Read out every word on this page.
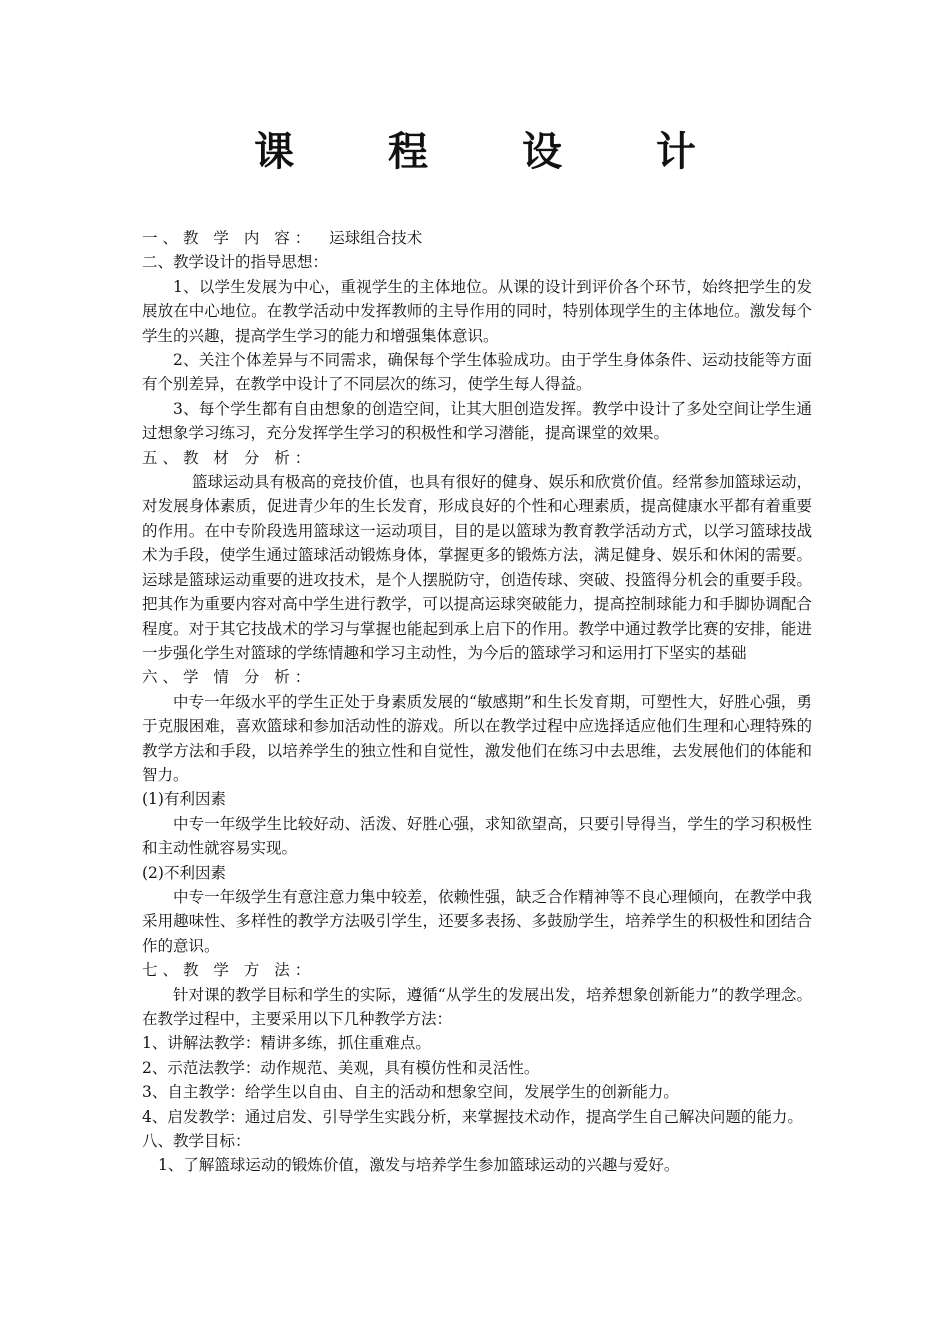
课 程 设 计

一、教 学 内 容： 运球组合技术

二、教学设计的指导思想：

1、以学生发展为中心，重视学生的主体地位。从课的设计到评价各个环节，始终把学生的发展放在中心地位。在教学活动中发挥教师的主导作用的同时，特别体现学生的主体地位。激发每个学生的兴趣，提高学生学习的能力和增强集体意识。

2、关注个体差异与不同需求，确保每个学生体验成功。由于学生身体条件、运动技能等方面有个别差异，在教学中设计了不同层次的练习，使学生每人得益。

3、每个学生都有自由想象的创造空间，让其大胆创造发挥。教学中设计了多处空间让学生通过想象学习练习，充分发挥学生学习的积极性和学习潜能，提高课堂的效果。

五、教 材 分 析：

篮球运动具有极高的竞技价值，也具有很好的健身、娱乐和欣赏价值。经常参加篮球运动，对发展身体素质，促进青少年的生长发育，形成良好的个性和心理素质，提高健康水平都有着重要的作用。在中专阶段选用篮球这一运动项目，目的是以篮球为教育教学活动方式，以学习篮球技战术为手段，使学生通过篮球活动锻炼身体，掌握更多的锻炼方法，满足健身、娱乐和休闲的需要。运球是篮球运动重要的进攻技术，是个人摆脱防守，创造传球、突破、投篮得分机会的重要手段。把其作为重要内容对高中学生进行教学，可以提高运球突破能力，提高控制球能力和手脚协调配合程度。对于其它技战术的学习与掌握也能起到承上启下的作用。教学中通过教学比赛的安排，能进一步强化学生对篮球的学练情趣和学习主动性，为今后的篮球学习和运用打下坚实的基础

六、学 情 分 析：

中专一年级水平的学生正处于身素质发展的“敏感期”和生长发育期，可塑性大，好胜心强，勇于克服困难，喜欢篮球和参加活动性的游戏。所以在教学过程中应选择适应他们生理和心理特殊的教学方法和手段，以培养学生的独立性和自觉性，激发他们在练习中去思维，去发展他们的体能和智力。

(1)有利因素

中专一年级学生比较好动、活泼、好胜心强，求知欲望高，只要引导得当，学生的学习积极性和主动性就容易实现。

(2)不利因素

中专一年级学生有意注意力集中较差，依赖性强，缺乏合作精神等不良心理倾向，在教学中我采用趣味性、多样性的教学方法吸引学生，还要多表扬、多鼓励学生，培养学生的积极性和团结合作的意识。

七、教 学 方 法：

针对课的教学目标和学生的实际，遵循“从学生的发展出发，培养想象创新能力”的教学理念。在教学过程中，主要采用以下几种教学方法：

1、讲解法教学：精讲多练，抓住重难点。

2、示范法教学：动作规范、美观，具有模仿性和灵活性。

3、自主教学：给学生以自由、自主的活动和想象空间，发展学生的创新能力。

4、启发教学：通过启发、引导学生实践分析，来掌握技术动作，提高学生自己解决问题的能力。

八、教学目标：

1、了解篮球运动的锻炼价值，激发与培养学生参加篮球运动的兴趣与爱好。
